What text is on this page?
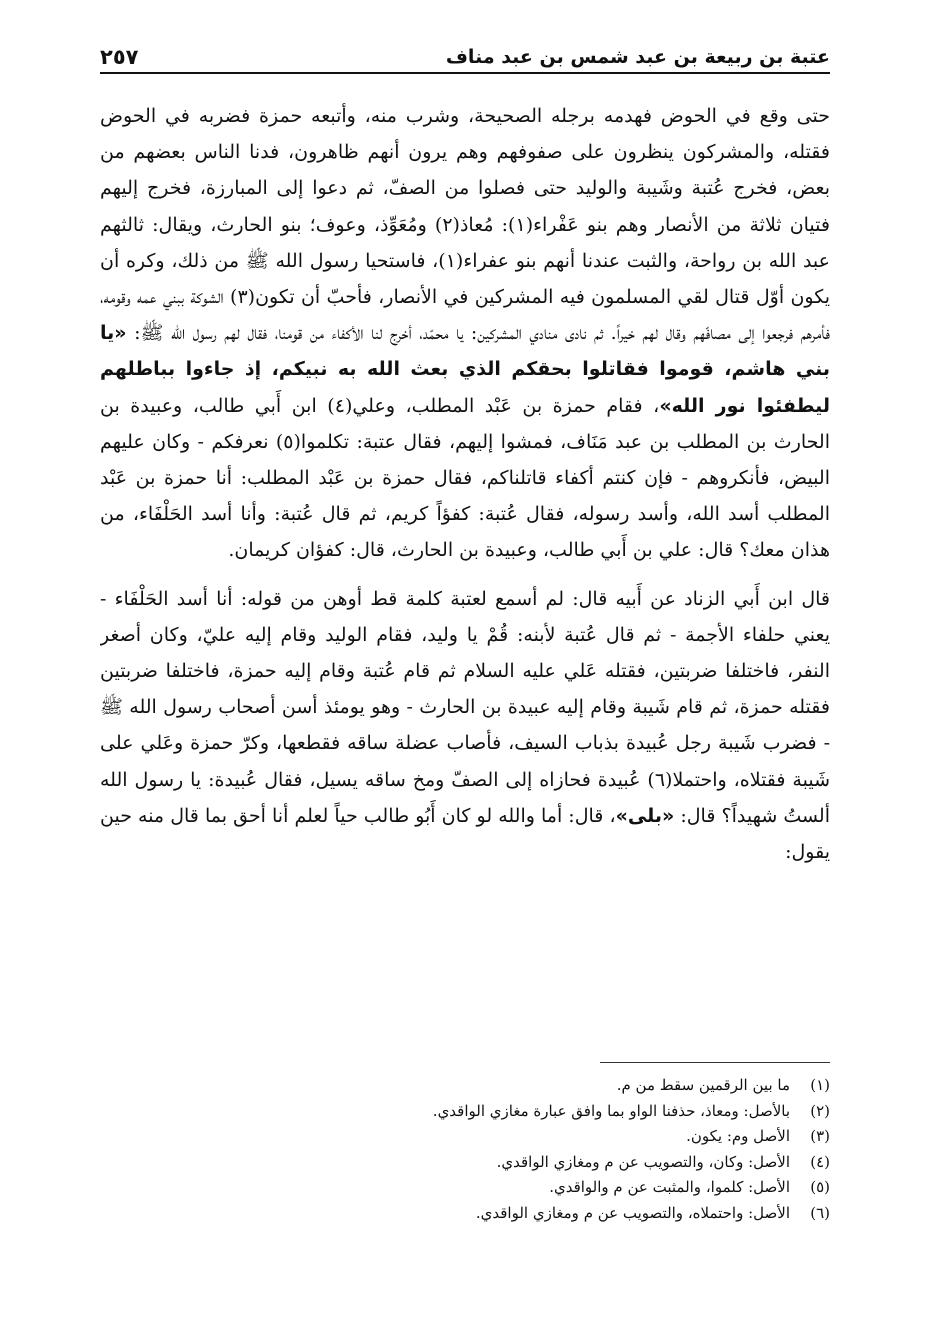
عتبة بن ربيعة بن عبد شمس بن عبد مناف
٢٥٧

حتى وقع في الحوض فهدمه برجله الصحيحة، وشرب منه، وأتبعه حمزة فضربه في الحوض فقتله، والمشركون ينظرون على صفوفهم وهم يرون أنهم ظاهرون، فدنا الناس بعضهم من بعض، فخرج عُتبة وشَيبة والوليد حتى فصلوا من الصفّ، ثم دعوا إلى المبارزة، فخرج إليهم فتيان ثلاثة من الأنصار وهم بنو عَفْراء(١): مُعاذ(٢) ومُعَوِّذ، وعوف؛ بنو الحارث، ويقال: ثالثهم عبد الله بن رواحة، والثبت عندنا أنهم بنو عفراء(١)، فاستحيا رسول الله ﷺ من ذلك، وكره أن يكون أوّل قتال لقي المسلمون فيه المشركين في الأنصار، فأحبّ أن تكون(٣) الشوكة ببني عمه وقومه، فأمرهم فرجعوا إلى مصافّهم وقال لهم خيراً. ثم نادى منادي المشركين: يا محمّد، أخرج لنا الأكفاء من قومنا، فقال لهم رسول الله ﷺ: «يا بني هاشم، قوموا فقاتلوا بحقكم الذي بعث الله به نبيكم، إذ جاءوا بباطلهم ليطفئوا نور الله»، فقام حمزة بن عَبْد المطلب، وعلي(٤) ابن أَبي طالب، وعبيدة بن الحارث بن المطلب بن عبد مَنَاف، فمشوا إليهم، فقال عتبة: تكلموا(٥) نعرفكم - وكان عليهم البيض، فأنكروهم - فإن كنتم أكفاء قاتلناكم، فقال حمزة بن عَبْد المطلب: أنا حمزة بن عَبْد المطلب أسد الله، وأسد رسوله، فقال عُتبة: كفؤاً كريم، ثم قال عُتبة: وأنا أسد الحَلْفَاء، من هذان معك؟ قال: علي بن أَبي طالب، وعبيدة بن الحارث، قال: كفؤان كريمان.

قال ابن أَبي الزناد عن أَبيه قال: لم أسمع لعتبة كلمة قط أوهن من قوله: أنا أسد الحَلْفَاء - يعني حلفاء الأجمة - ثم قال عُتبة لأبنه: قُمْ يا وليد، فقام الوليد وقام إليه عليّ، وكان أصغر النفر، فاختلفا ضربتين، فقتله عَلي عليه السلام ثم قام عُتبة وقام إليه حمزة، فاختلفا ضربتين فقتله حمزة، ثم قام شَيبة وقام إليه عبيدة بن الحارث - وهو يومئذ أسن أصحاب رسول الله ﷺ - فضرب شَيبة رجل عُبيدة بذباب السيف، فأصاب عضلة ساقه فقطعها، وكرّ حمزة وعَلي على شَيبة فقتلاه، واحتملا(٦) عُبيدة فحازاه إلى الصفّ ومخ ساقه يسيل، فقال عُبيدة: يا رسول الله ألستُ شهيداً؟ قال: «بلى»، قال: أما والله لو كان أَبُو طالب حياً لعلم أنا أحق بما قال منه حين يقول:

(١)
ما بين الرقمين سقط من م.
(٢)
بالأصل: ومعاذ، حذفنا الواو بما وافق عبارة مغازي الواقدي.
(٣)
الأصل وم: يكون.
(٤)
الأصل: وكان، والتصويب عن م ومغازي الواقدي.
(٥)
الأصل: كلموا، والمثبت عن م والواقدي.
(٦)
الأصل: واحتملاه، والتصويب عن م ومغازي الواقدي.
